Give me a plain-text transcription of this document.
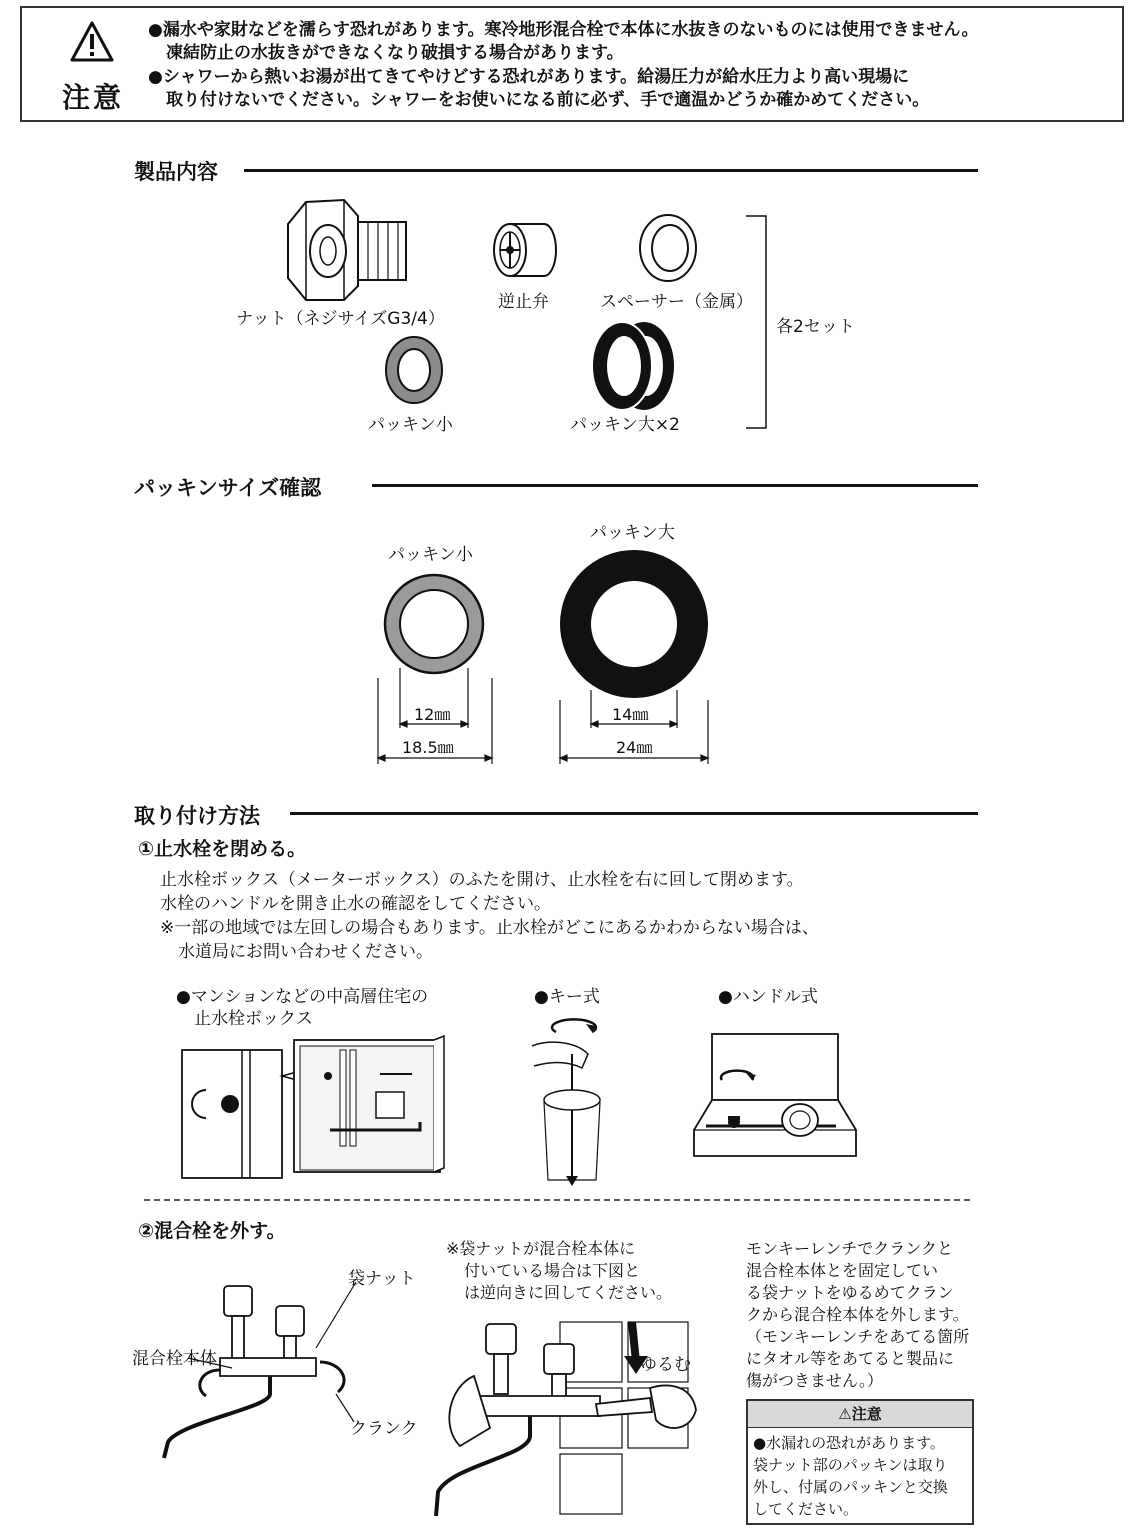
注意
●漏水や家財などを濡らす恐れがあります。寒冷地形混合栓で本体に水抜きのないものには使用できません。
凍結防止の水抜きができなくなり破損する場合があります。
●シャワーから熱いお湯が出てきてやけどする恐れがあります。給湯圧力が給水圧力より高い現場に
取り付けないでください。シャワーをお使いになる前に必ず、手で適温かどうか確かめてください。
製品内容
ナット（ネジサイズG3/4）
逆止弁	スペーサー（金属）
各2セット
パッキン小	パッキン大×2
パッキンサイズ確認
パッキン小
パッキン大
12㎜
18.5㎜
14㎜
24㎜
取り付け方法
①止水栓を閉める。
止水栓ボックス（メーターボックス）のふたを開け、止水栓を右に回して閉めます。
水栓のハンドルを開き止水の確認をしてください。
※一部の地域では左回しの場合もあります。止水栓がどこにあるかわからない場合は、
水道局にお問い合わせください。
●マンションなどの中高層住宅の
止水栓ボックス
●キー式	●ハンドル式
②混合栓を外す。
袋ナット
混合栓本体
クランク
※袋ナットが混合栓本体に
付いている場合は下図と
は逆向きに回してください。
ゆるむ
モンキーレンチでクランクと
混合栓本体とを固定してい
る袋ナットをゆるめてクラン
クから混合栓本体を外します。
（モンキーレンチをあてる箇所
にタオル等をあてると製品に
傷がつきません。）
⚠注意
●水漏れの恐れがあります。
袋ナット部のパッキンは取り
外し、付属のパッキンと交換
してください。
